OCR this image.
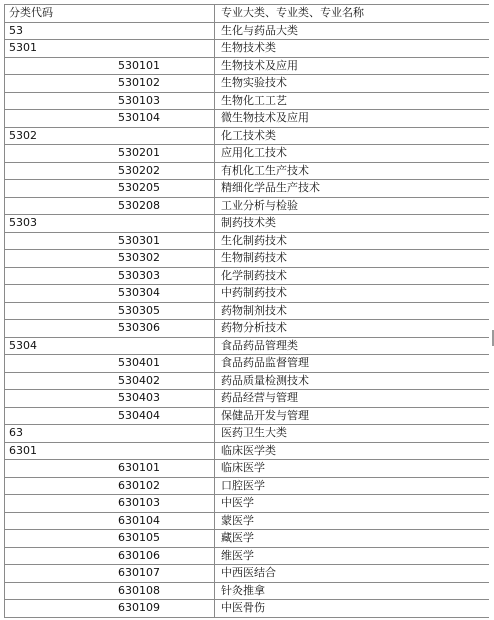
分类代码	专业大类、专业类、专业名称
53	生化与药品大类
5301	生物技术类
530101	生物技术及应用
530102	生物实验技术
530103	生物化工工艺
530104	微生物技术及应用
5302	化工技术类
530201	应用化工技术
530202	有机化工生产技术
530205	精细化学品生产技术
530208	工业分析与检验
5303	制药技术类
530301	生化制药技术
530302	生物制药技术
530303	化学制药技术
530304	中药制药技术
530305	药物制剂技术
530306	药物分析技术
5304	食品药品管理类
530401	食品药品监督管理
530402	药品质量检测技术
530403	药品经营与管理
530404	保健品开发与管理
63	医药卫生大类
6301	临床医学类
630101	临床医学
630102	口腔医学
630103	中医学
630104	蒙医学
630105	藏医学
630106	维医学
630107	中西医结合
630108	针灸推拿
630109	中医骨伤
